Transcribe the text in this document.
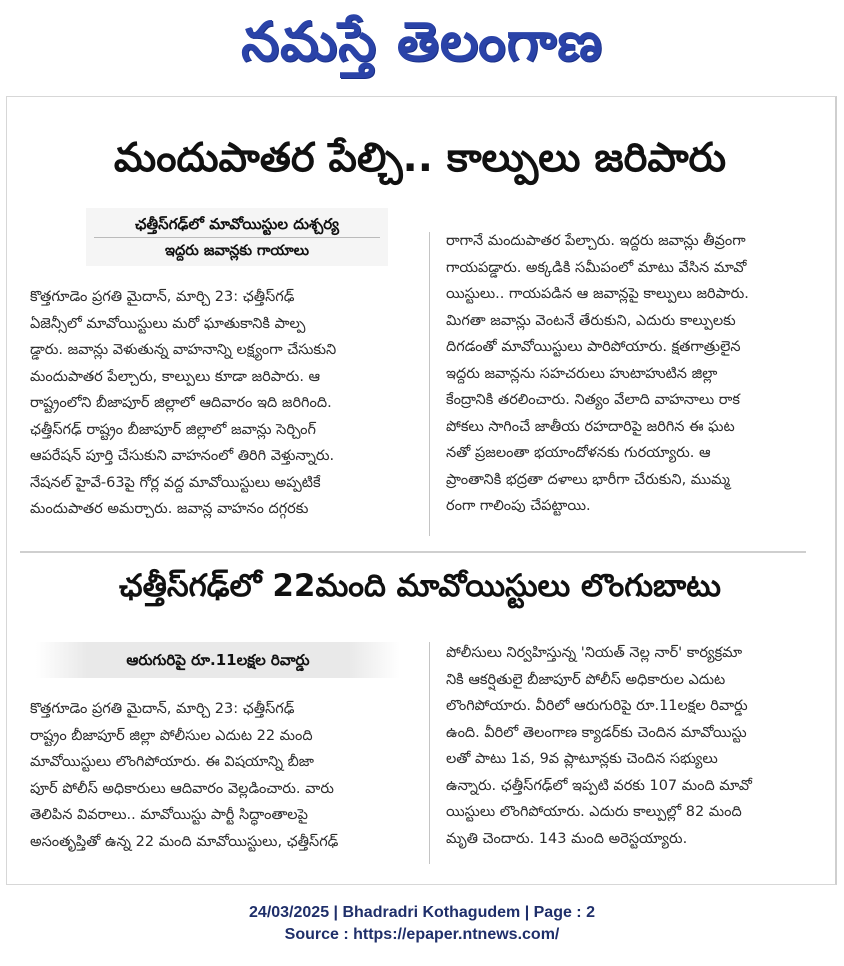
నమస్తే తెలంగాణ
మందుపాతర పేల్చి.. కాల్పులు జరిపారు
ఛత్తీస్‌గఢ్‌లో మావోయిస్టుల దుశ్చర్య
ఇద్దరు జవాన్లకు గాయాలు
కొత్తగూడెం ప్రగతి మైదాన్, మార్చి 23: ఛత్తీస్‌గఢ్
ఏజెన్సీలో మావోయిస్టులు మరో ఘాతుకానికి పాల్ప
డ్డారు. జవాన్లు వెళుతున్న వాహనాన్ని లక్ష్యంగా చేసుకుని
మందుపాతర పేల్చారు, కాల్పులు కూడా జరిపారు. ఆ
రాష్ట్రంలోని బీజాపూర్ జిల్లాలో ఆదివారం ఇది జరిగింది.
ఛత్తీస్‌గఢ్ రాష్ట్రం బీజాపూర్ జిల్లాలో జవాన్లు సెర్చింగ్
ఆపరేషన్ పూర్తి చేసుకుని వాహనంలో తిరిగి వెళ్తున్నారు.
నేషనల్ హైవే-63పై గోర్ల వద్ద మావోయిస్టులు అప్పటికే
మందుపాతర అమర్చారు. జవాన్ల వాహనం దగ్గరకు
రాగానే మందుపాతర పేల్చారు. ఇద్దరు జవాన్లు తీవ్రంగా
గాయపడ్డారు. అక్కడికి సమీపంలో మాటు వేసిన మావో
యిస్టులు.. గాయపడిన ఆ జవాన్లపై కాల్పులు జరిపారు.
మిగతా జవాన్లు వెంటనే తేరుకుని, ఎదురు కాల్పులకు
దిగడంతో మావోయిస్టులు పారిపోయారు. క్షతగాత్రులైన
ఇద్దరు జవాన్లను సహచరులు హుటాహుటిన జిల్లా
కేంద్రానికి తరలించారు. నిత్యం వేలాది వాహనాలు రాక
పోకలు సాగించే జాతీయ రహదారిపై జరిగిన ఈ ఘట
నతో ప్రజలంతా భయాందోళనకు గురయ్యారు. ఆ
ప్రాంతానికి భద్రతా దళాలు భారీగా చేరుకుని, ముమ్మ
రంగా గాలింపు చేపట్టాయి.
ఛత్తీస్‌గఢ్‌లో 22మంది మావోయిస్టులు లొంగుబాటు
ఆరుగురిపై రూ.11లక్షల రివార్డు
కొత్తగూడెం ప్రగతి మైదాన్, మార్చి 23: ఛత్తీస్‌గఢ్
రాష్ట్రం బీజాపూర్ జిల్లా పోలీసుల ఎదుట 22 మంది
మావోయిస్టులు లొంగిపోయారు. ఈ విషయాన్ని బీజా
పూర్ పోలీస్ అధికారులు ఆదివారం వెల్లడించారు. వారు
తెలిపిన వివరాలు.. మావోయిస్టు పార్టీ సిద్ధాంతాలపై
అసంతృప్తితో ఉన్న 22 మంది మావోయిస్టులు, ఛత్తీస్‌గఢ్
పోలీసులు నిర్వహిస్తున్న 'నియత్ నెల్ల నార్' కార్యక్రమా
నికి ఆకర్షితులై బీజాపూర్ పోలీస్ అధికారుల ఎదుట
లొంగిపోయారు. వీరిలో ఆరుగురిపై రూ.11లక్షల రివార్డు
ఉంది. వీరిలో తెలంగాణ క్యాడర్‌కు చెందిన మావోయిస్టు
లతో పాటు 1వ, 9వ ప్లాటూన్లకు చెందిన సభ్యులు
ఉన్నారు. ఛత్తీస్‌గఢ్‌లో ఇప్పటి వరకు 107 మంది మావో
యిస్టులు లొంగిపోయారు. ఎదురు కాల్పుల్లో 82 మంది
మృతి చెందారు. 143 మంది అరెస్టయ్యారు.
24/03/2025 | Bhadradri Kothagudem | Page : 2
Source : https://epaper.ntnews.com/
